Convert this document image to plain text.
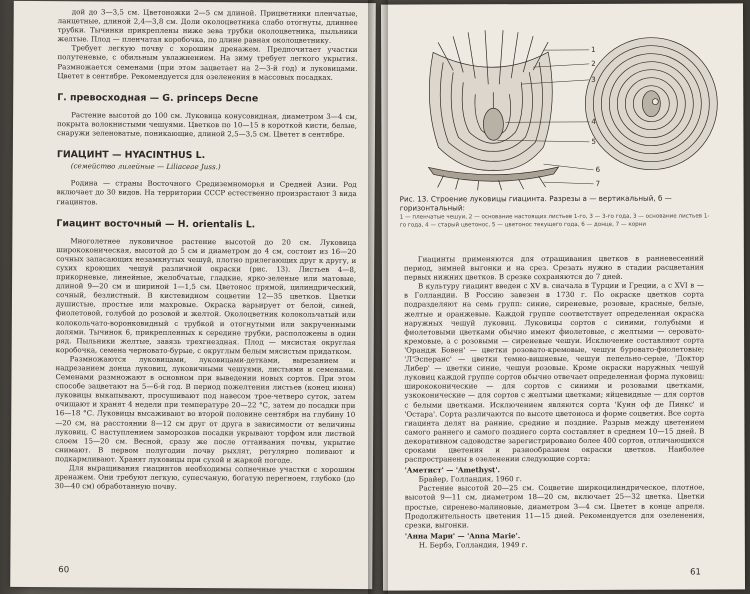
дой до 3—3,5 см. Цветоножки 2—5 см длиной. Прицветники пленчатые, ланцетные, длиной 2,4—3,8 см. Доли околоцветника слабо отогнуты, длиннее трубки. Тычинки прикреплены ниже зева трубки околоцветника, пыльники желтые. Плод — пленчатая коробочка, по длине равная околоцветнику.

Требует легкую почву с хорошим дренажем. Предпочитает участки полутеневые, с обильным увлажнением. На зиму требует легкого укрытия. Размножается семенами (при этом зацветает на 2—3-й год) и луковицами. Цветет в сентябре. Рекомендуется для озеленения в массовых посадках.

Г. превосходная — G. princeps Decne

Растение высотой до 100 см. Луковица конусовидная, диаметром 3—4 см, покрыта волокнистыми чешуями. Цветков по 10—15 в короткой кисти, белые, снаружи зеленоватые, поникающие, длиной 2,5—3,5 см. Цветет в сентябре.

ГИАЦИНТ — HYACINTHUS L.

(семейство лилейные — Liliaceae Juss.)

Родина — страны Восточного Средиземноморья и Средней Азии. Род включает до 30 видов. На территории СССР естественно произрастают 3 вида гиацинтов.

Гиацинт восточный — H. orientalis L.

Многолетнее луковичное растение высотой до 20 см. Луковица ширококоническая, высотой до 5 см и диаметром до 4 см, состоит из 16—20 сочных запасающих незамкнутых чешуй, плотно прилегающих друг к другу, и сухих кроющих чешуй различной окраски (рис. 13). Листьев 4—8, прикорневые, линейные, желобчатые, гладкие, ярко-зеленые или матовые, длиной 9—20 см и шириной 1—1,5 см. Цветонос прямой, цилиндрический, сочный, безлистный. В кистевидном соцветии 12—35 цветков. Цветки душистые, простые или махровые. Окраска варьирует от белой, синей, фиолетовой, голубой до розовой и желтой. Околоцветник колокольчатый или колокольчато-воронковидный с трубкой и отогнутыми или закрученными долями. Тычинок 6, прикрепленных к середине трубки, расположены в один ряд. Пыльники желтые, завязь трехгнездная. Плод — мясистая округлая коробочка, семена черновато-бурые, с округлым белым мясистым придатком.

Размножаются луковицами, луковицами-детками, вырезанием и надрезанием донца луковиц, луковичными чешуями, листьями и семенами. Семенами размножают в основном при выведении новых сортов. При этом способе зацветают на 5—6-й год. В период пожелтения листьев (конец июня) луковицы выкапывают, просушивают под навесом трое-четверо суток, затем очищают и хранят 4 недели при температуре 20—22 °С, затем до посадки при 16—18 °С. Луковицы высаживают во второй половине сентября на глубину 10—20 см, на расстоянии 8—12 см друг от друга в зависимости от величины луковиц. С наступлением заморозков посадки укрывают торфом или листвой слоем 15—20 см. Весной, сразу же после оттаивания почвы, укрытие снимают. В первом полугодии почву рыхлят, регулярно поливают и подкармливают. Хранят луковицы при сухой и жаркой погоде.

Для выращивания гиацинтов необходимы солнечные участки с хорошим дренажем. Они требуют легкую, супесчаную, богатую перегноем, глубоко (до 30—40 см) обработанную почву.

60
1
2
3
4
5
6
7
Рис. 13. Строение луковицы гиацинта. Разрезы а — вертикальный, б — горизонтальный:
1 — пленчатые чешуи, 2 — основание настоящих листьев 1-го, 3 — 3-го года, 3 — основание листьев 1-го года, 4 — старый цветонос, 5 — цветонос текущего года, 6 — донце, 7 — корни

Гиацинты применяются для отращивания цветков в ранневесенний период, зимней выгонки и на срез. Срезать нужно в стадии расцветания первых нижних цветков. В срезке сохраняются до 7 дней.

В культуру гиацинт введен с XV в. сначала в Турции и Греции, а с XVI в — в Голландии. В Россию завезен в 1730 г. По окраске цветков сорта подразделяют на семь групп: синие, сиреневые, розовые, красные, белые, желтые и оранжевые. Каждой группе соответствует определенная окраска наружных чешуй луковиц. Луковицы сортов с синими, голубыми и фиолетовыми цветками обычно имеют фиолетовые, с желтыми — серовато-кремовые, а с розовыми — сиреневые чешуи. Исключение составляют сорта 'Орандж Бовен' — цветки розовато-кремовые, чешуи буровато-фиолетовые; 'Л'Эсперанс' — цветки темно-вишневые, чешуи пепельно-серые, 'Доктор Либер' — цветки синие, чешуи розовые. Кроме окраски наружных чешуй луковиц каждой группе сортов обычно отвечает определенная форма луковиц: ширококонические — для сортов с синими и розовыми цветками, узкоконические — для сортов с желтыми цветками; яйцевидные — для сортов с белыми цветками. Исключением являются сорта 'Куин оф де Пинкс' и 'Остара'. Сорта различаются по высоте цветоноса и форме соцветия. Все сорта гиацинта делят на ранние, средние и поздние. Разрыв между цветением самого раннего и самого позднего сорта составляет в среднем 10—15 дней. В декоративном садоводстве зарегистрировано более 400 сортов, отличающихся сроками цветения и разнообразием окраски цветков. Наиболее распространены в озеленении следующие сорта:

'Аметист' — 'Amethyst'.

Брайер, Голландия, 1960 г.

Растение высотой 20—25 см. Соцветие ширкоцилиндрическое, плотное, высотой 9—11 см, диаметром 18—20 см, включает 25—32 цветка. Цветки простые, сиренево-малиновые, диаметром 3—4 см. Цветет в конце апреля. Продолжительность цветения 11—15 дней. Рекомендуется для озеленения, срезки, выгонки.

'Анна Мари' — 'Anna Marie'.

Н. Бербэ, Голландия, 1949 г.

61
